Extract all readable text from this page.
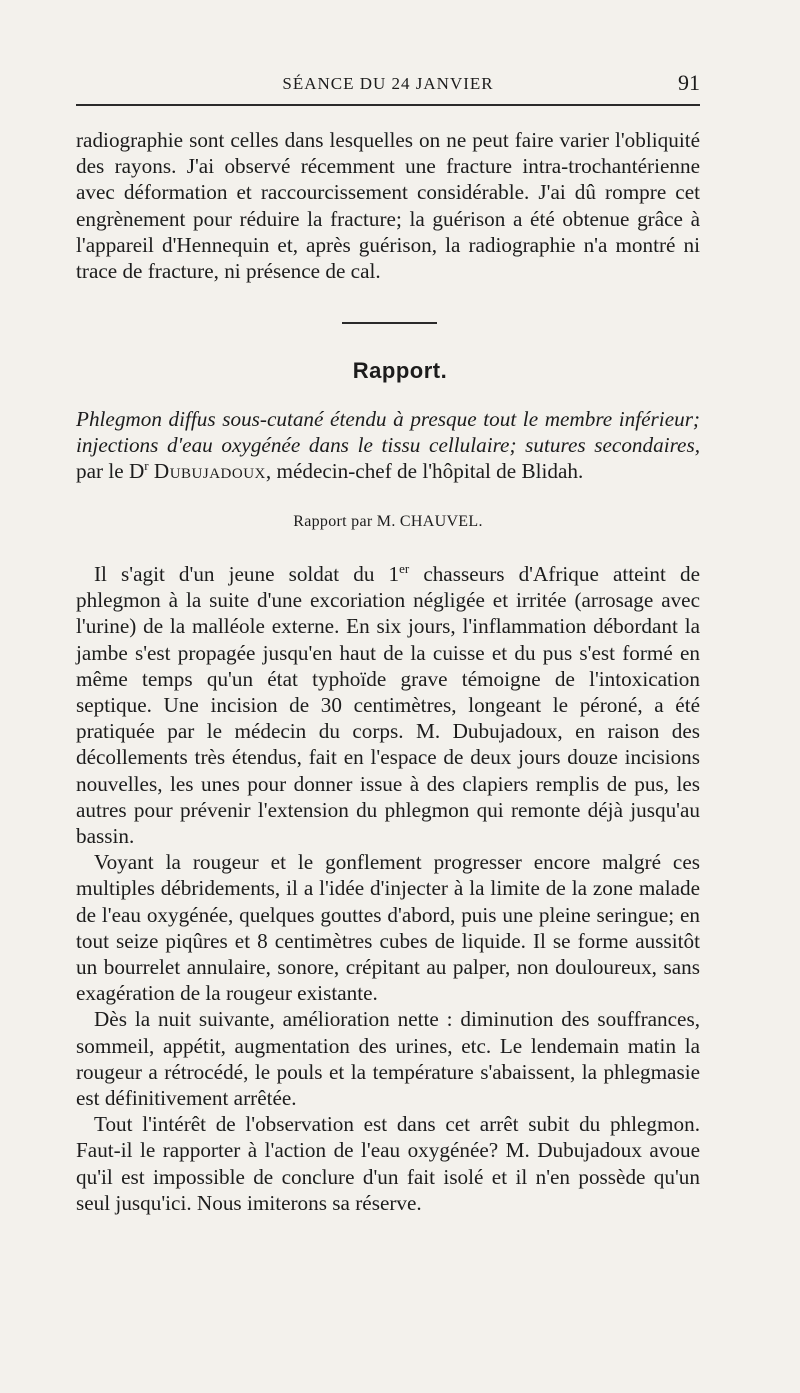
SÉANCE DU 24 JANVIER	91
radiographie sont celles dans lesquelles on ne peut faire varier l'obliquité des rayons. J'ai observé récemment une fracture intra-trochantérienne avec déformation et raccourcissement considérable. J'ai dû rompre cet engrènement pour réduire la fracture; la guérison a été obtenue grâce à l'appareil d'Hennequin et, après guérison, la radiographie n'a montré ni trace de fracture, ni présence de cal.
Rapport.
Phlegmon diffus sous-cutané étendu à presque tout le membre inférieur; injections d'eau oxygénée dans le tissu cellulaire; sutures secondaires, par le $D^r$ Dubujadoux, médecin-chef de l'hôpital de Blidah.
Rapport par M. CHAUVEL.

Il s'agit d'un jeune soldat du 1er chasseurs d'Afrique atteint de phlegmon à la suite d'une excoriation négligée et irritée (arrosage avec l'urine) de la malléole externe. En six jours, l'inflammation débordant la jambe s'est propagée jusqu'en haut de la cuisse et du pus s'est formé en même temps qu'un état typhoïde grave témoigne de l'intoxication septique. Une incision de 30 centimètres, longeant le péroné, a été pratiquée par le médecin du corps. M. Dubujadoux, en raison des décollements très étendus, fait en l'espace de deux jours douze incisions nouvelles, les unes pour donner issue à des clapiers remplis de pus, les autres pour prévenir l'extension du phlegmon qui remonte déjà jusqu'au bassin.

Voyant la rougeur et le gonflement progresser encore malgré ces multiples débridements, il a l'idée d'injecter à la limite de la zone malade de l'eau oxygénée, quelques gouttes d'abord, puis une pleine seringue; en tout seize piqûres et 8 centimètres cubes de liquide. Il se forme aussitôt un bourrelet annulaire, sonore, crépitant au palper, non douloureux, sans exagération de la rougeur existante.

Dès la nuit suivante, amélioration nette : diminution des souffrances, sommeil, appétit, augmentation des urines, etc. Le lendemain matin la rougeur a rétrocédé, le pouls et la température s'abaissent, la phlegmasie est définitivement arrêtée.

Tout l'intérêt de l'observation est dans cet arrêt subit du phlegmon. Faut-il le rapporter à l'action de l'eau oxygénée? M. Dubujadoux avoue qu'il est impossible de conclure d'un fait isolé et il n'en possède qu'un seul jusqu'ici. Nous imiterons sa réserve.
